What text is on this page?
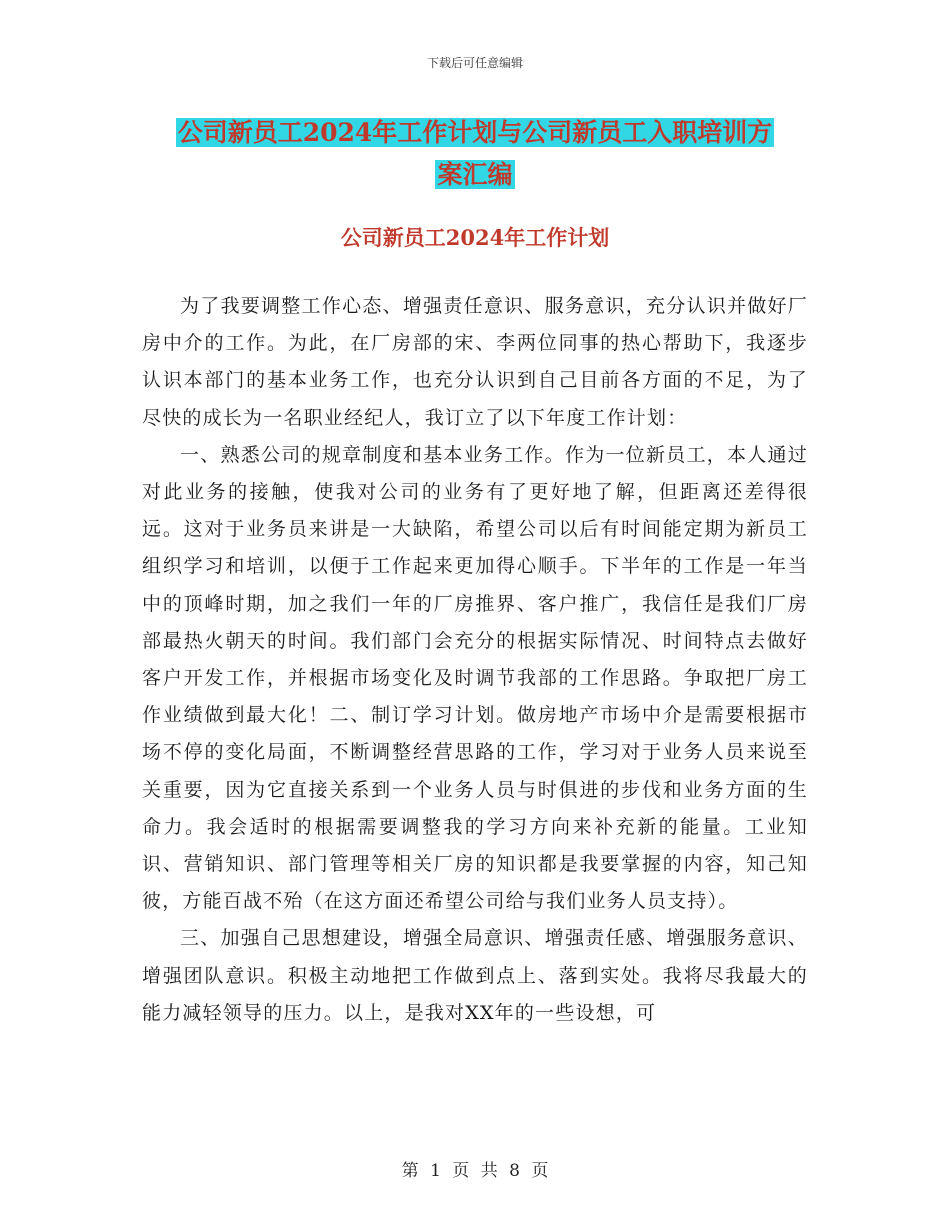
下载后可任意编辑
公司新员工2024年工作计划与公司新员工入职培训方
案汇编
公司新员工2024年工作计划

为了我要调整工作心态、增强责任意识、服务意识，充分认识并做好厂房中介的工作。为此，在厂房部的宋、李两位同事的热心帮助下，我逐步认识本部门的基本业务工作，也充分认识到自己目前各方面的不足，为了尽快的成长为一名职业经纪人，我订立了以下年度工作计划：

一、熟悉公司的规章制度和基本业务工作。作为一位新员工，本人通过对此业务的接触，使我对公司的业务有了更好地了解，但距离还差得很远。这对于业务员来讲是一大缺陷，希望公司以后有时间能定期为新员工组织学习和培训，以便于工作起来更加得心顺手。下半年的工作是一年当中的顶峰时期，加之我们一年的厂房推界、客户推广，我信任是我们厂房部最热火朝天的时间。我们部门会充分的根据实际情况、时间特点去做好客户开发工作，并根据市场变化及时调节我部的工作思路。争取把厂房工作业绩做到最大化！二、制订学习计划。做房地产市场中介是需要根据市场不停的变化局面，不断调整经营思路的工作，学习对于业务人员来说至关重要，因为它直接关系到一个业务人员与时俱进的步伐和业务方面的生命力。我会适时的根据需要调整我的学习方向来补充新的能量。工业知识、营销知识、部门管理等相关厂房的知识都是我要掌握的内容，知己知彼，方能百战不殆（在这方面还希望公司给与我们业务人员支持）。

三、加强自己思想建设，增强全局意识、增强责任感、增强服务意识、增强团队意识。积极主动地把工作做到点上、落到实处。我将尽我最大的能力减轻领导的压力。以上，是我对XX年的一些设想，可

第 1 页 共 8 页
